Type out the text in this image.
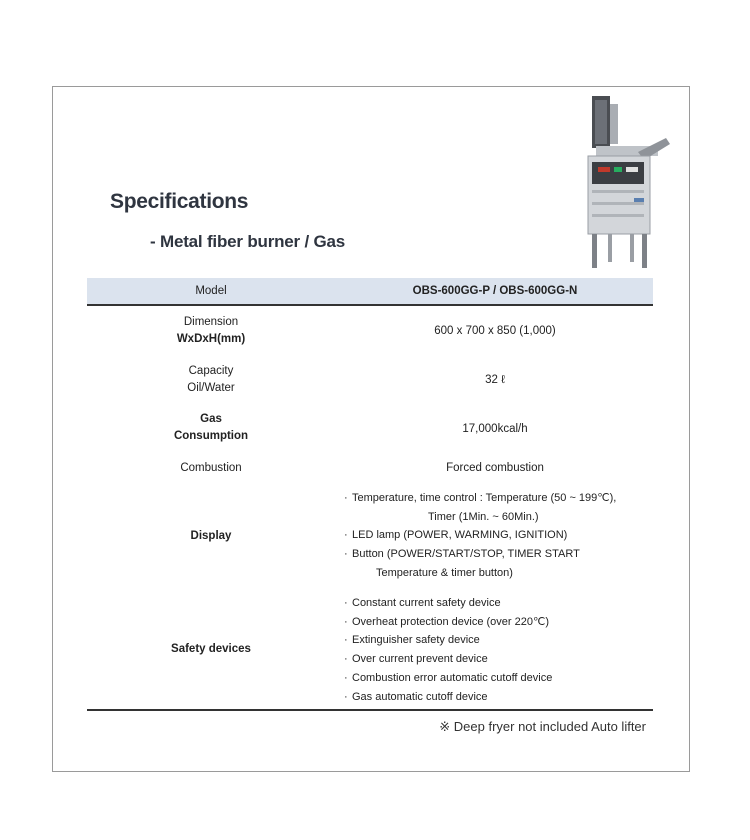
Specifications
- Metal fiber burner / Gas
Model	OBS-600GG-P / OBS-600GG-N
Dimension
WxDxH(mm)
600 x 700 x 850 (1,000)
Capacity
Oil/Water
32 ℓ
Gas
Consumption
17,000kcal/h
Combustion	Forced combustion
Display
· Temperature, time control : Temperature (50 ~ 199℃),
Timer (1Min. ~ 60Min.)
· LED lamp (POWER, WARMING, IGNITION)
· Button (POWER/START/STOP, TIMER START
Temperature & timer button)
Safety devices
· Constant current safety device
· Overheat protection device (over 220℃)
· Extinguisher safety device
· Over current prevent device
· Combustion error automatic cutoff device
· Gas automatic cutoff device
※ Deep fryer not included Auto lifter
